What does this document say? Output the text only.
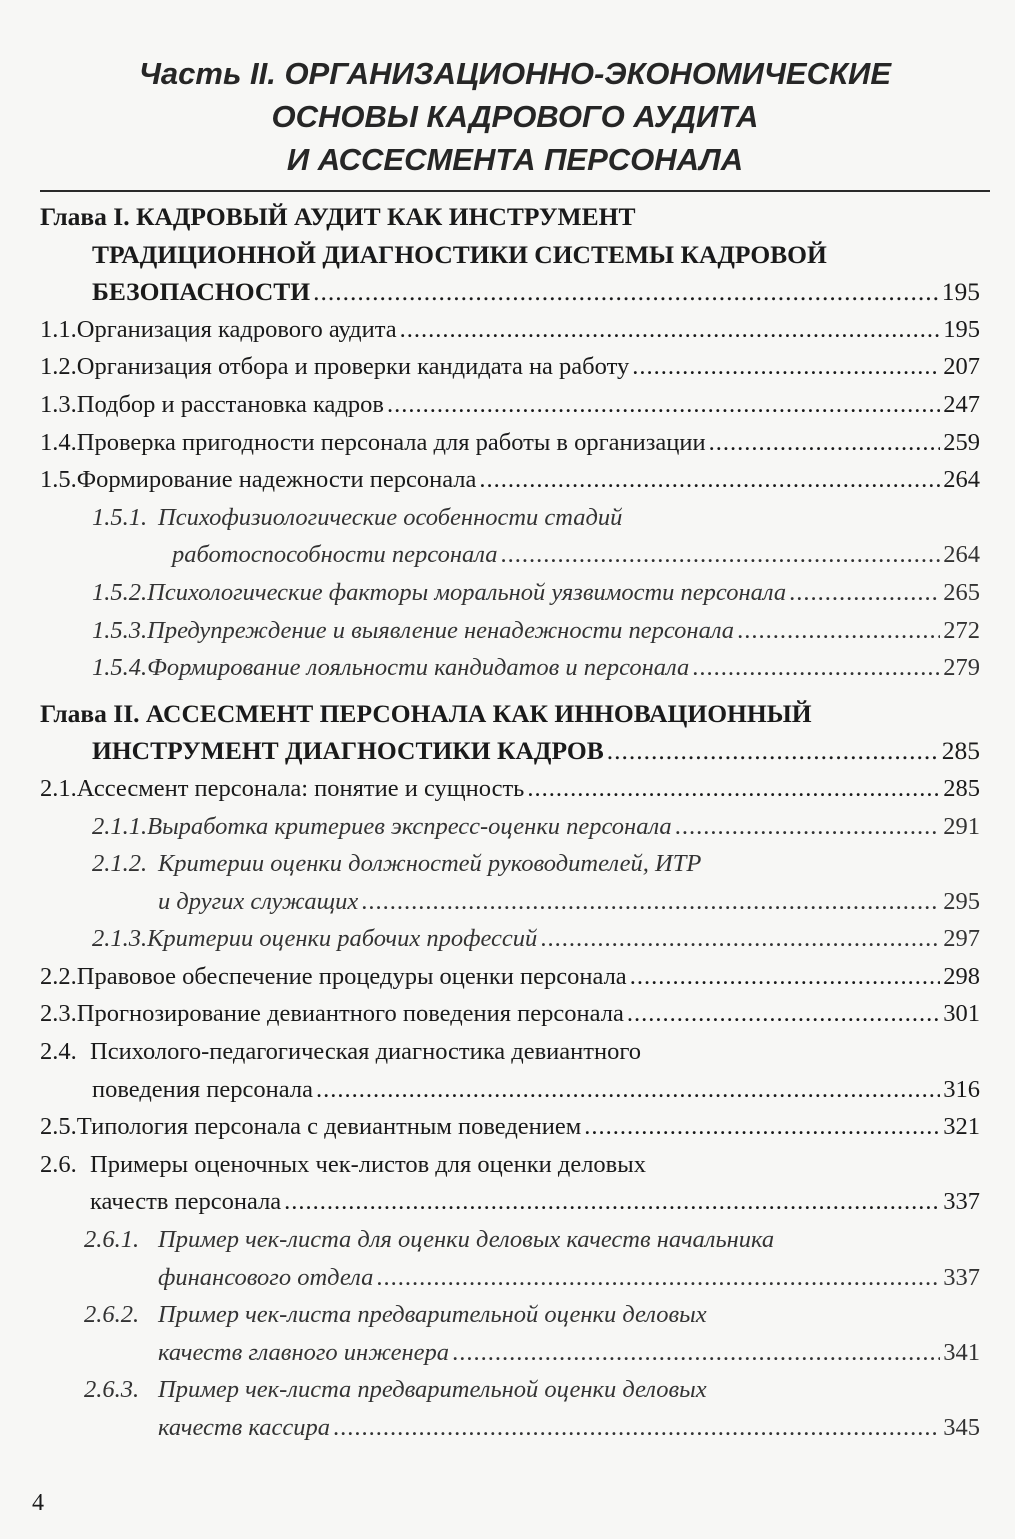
Часть II. ОРГАНИЗАЦИОННО-ЭКОНОМИЧЕСКИЕ
ОСНОВЫ КАДРОВОГО АУДИТА
И АССЕСМЕНТА ПЕРСОНАЛА
Глава I.
КАДРОВЫЙ АУДИТ КАК ИНСТРУМЕНТ
ТРАДИЦИОННОЙ ДИАГНОСТИКИ СИСТЕМЫ КАДРОВОЙ
БЕЗОПАСНОСТИ .....	195
1.1. Организация кадрового аудита .....	195
1.2. Организация отбора и проверки кандидата на работу .....	207
1.3. Подбор и расстановка кадров .....	247
1.4. Проверка пригодности персонала для работы в организации .....	259
1.5. Формирование надежности персонала .....	264
1.5.1. Психофизиологические особенности стадий
работоспособности персонала .....	264
1.5.2. Психологические факторы моральной уязвимости персонала .....	265
1.5.3. Предупреждение и выявление ненадежности персонала .....	272
1.5.4. Формирование лояльности кандидатов и персонала .....	279
Глава II.
АССЕСМЕНТ ПЕРСОНАЛА КАК ИННОВАЦИОННЫЙ
ИНСТРУМЕНТ ДИАГНОСТИКИ КАДРОВ .....	285
2.1. Ассесмент персонала: понятие и сущность .....	285
2.1.1. Выработка критериев экспресс-оценки персонала .....	291
2.1.2. Критерии оценки должностей руководителей, ИТР
и других служащих .....	295
2.1.3. Критерии оценки рабочих профессий .....	297
2.2. Правовое обеспечение процедуры оценки персонала .....	298
2.3. Прогнозирование девиантного поведения персонала .....	301
2.4. Психолого-педагогическая диагностика девиантного
поведения персонала .....	316
2.5. Типология персонала с девиантным поведением .....	321
2.6. Примеры оценочных чек-листов для оценки деловых
качеств персонала .....	337
2.6.1. Пример чек-листа для оценки деловых качеств начальника
финансового отдела .....	337
2.6.2. Пример чек-листа предварительной оценки деловых
качеств главного инженера .....	341
2.6.3. Пример чек-листа предварительной оценки деловых
качеств кассира .....	345
4
